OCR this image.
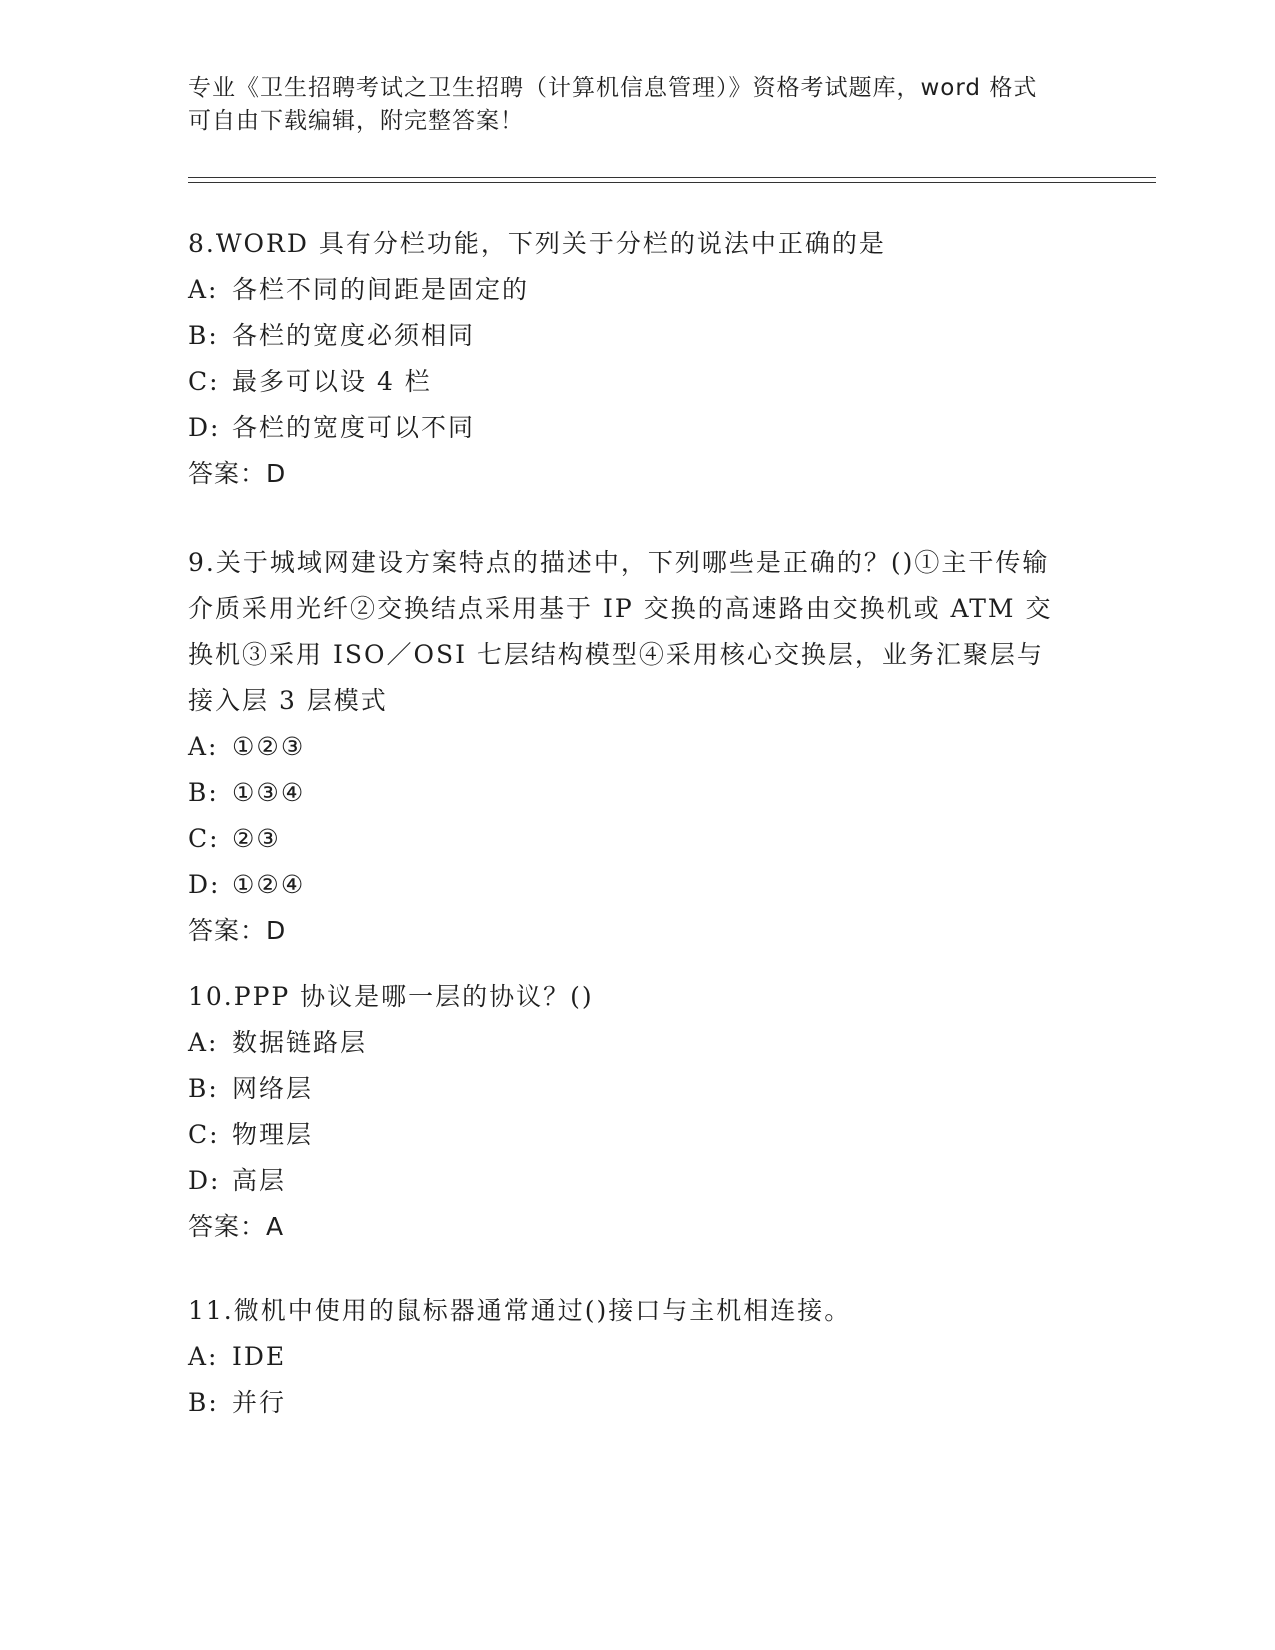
专业《卫生招聘考试之卫生招聘（计算机信息管理）》资格考试题库，word 格式
可自由下载编辑，附完整答案！
8.WORD 具有分栏功能，下列关于分栏的说法中正确的是
A: 各栏不同的间距是固定的
B: 各栏的宽度必须相同
C: 最多可以设 4 栏
D: 各栏的宽度可以不同
答案：D
9.关于城域网建设方案特点的描述中，下列哪些是正确的？()①主干传输介质采用光纤②交换结点采用基于 IP 交换的高速路由交换机或 ATM 交换机③采用 ISO／OSI 七层结构模型④采用核心交换层，业务汇聚层与接入层 3 层模式
A: ①②③
B: ①③④
C: ②③
D: ①②④
答案：D
10.PPP 协议是哪一层的协议？()
A: 数据链路层
B: 网络层
C: 物理层
D: 高层
答案：A
11.微机中使用的鼠标器通常通过()接口与主机相连接。
A: IDE
B: 并行
